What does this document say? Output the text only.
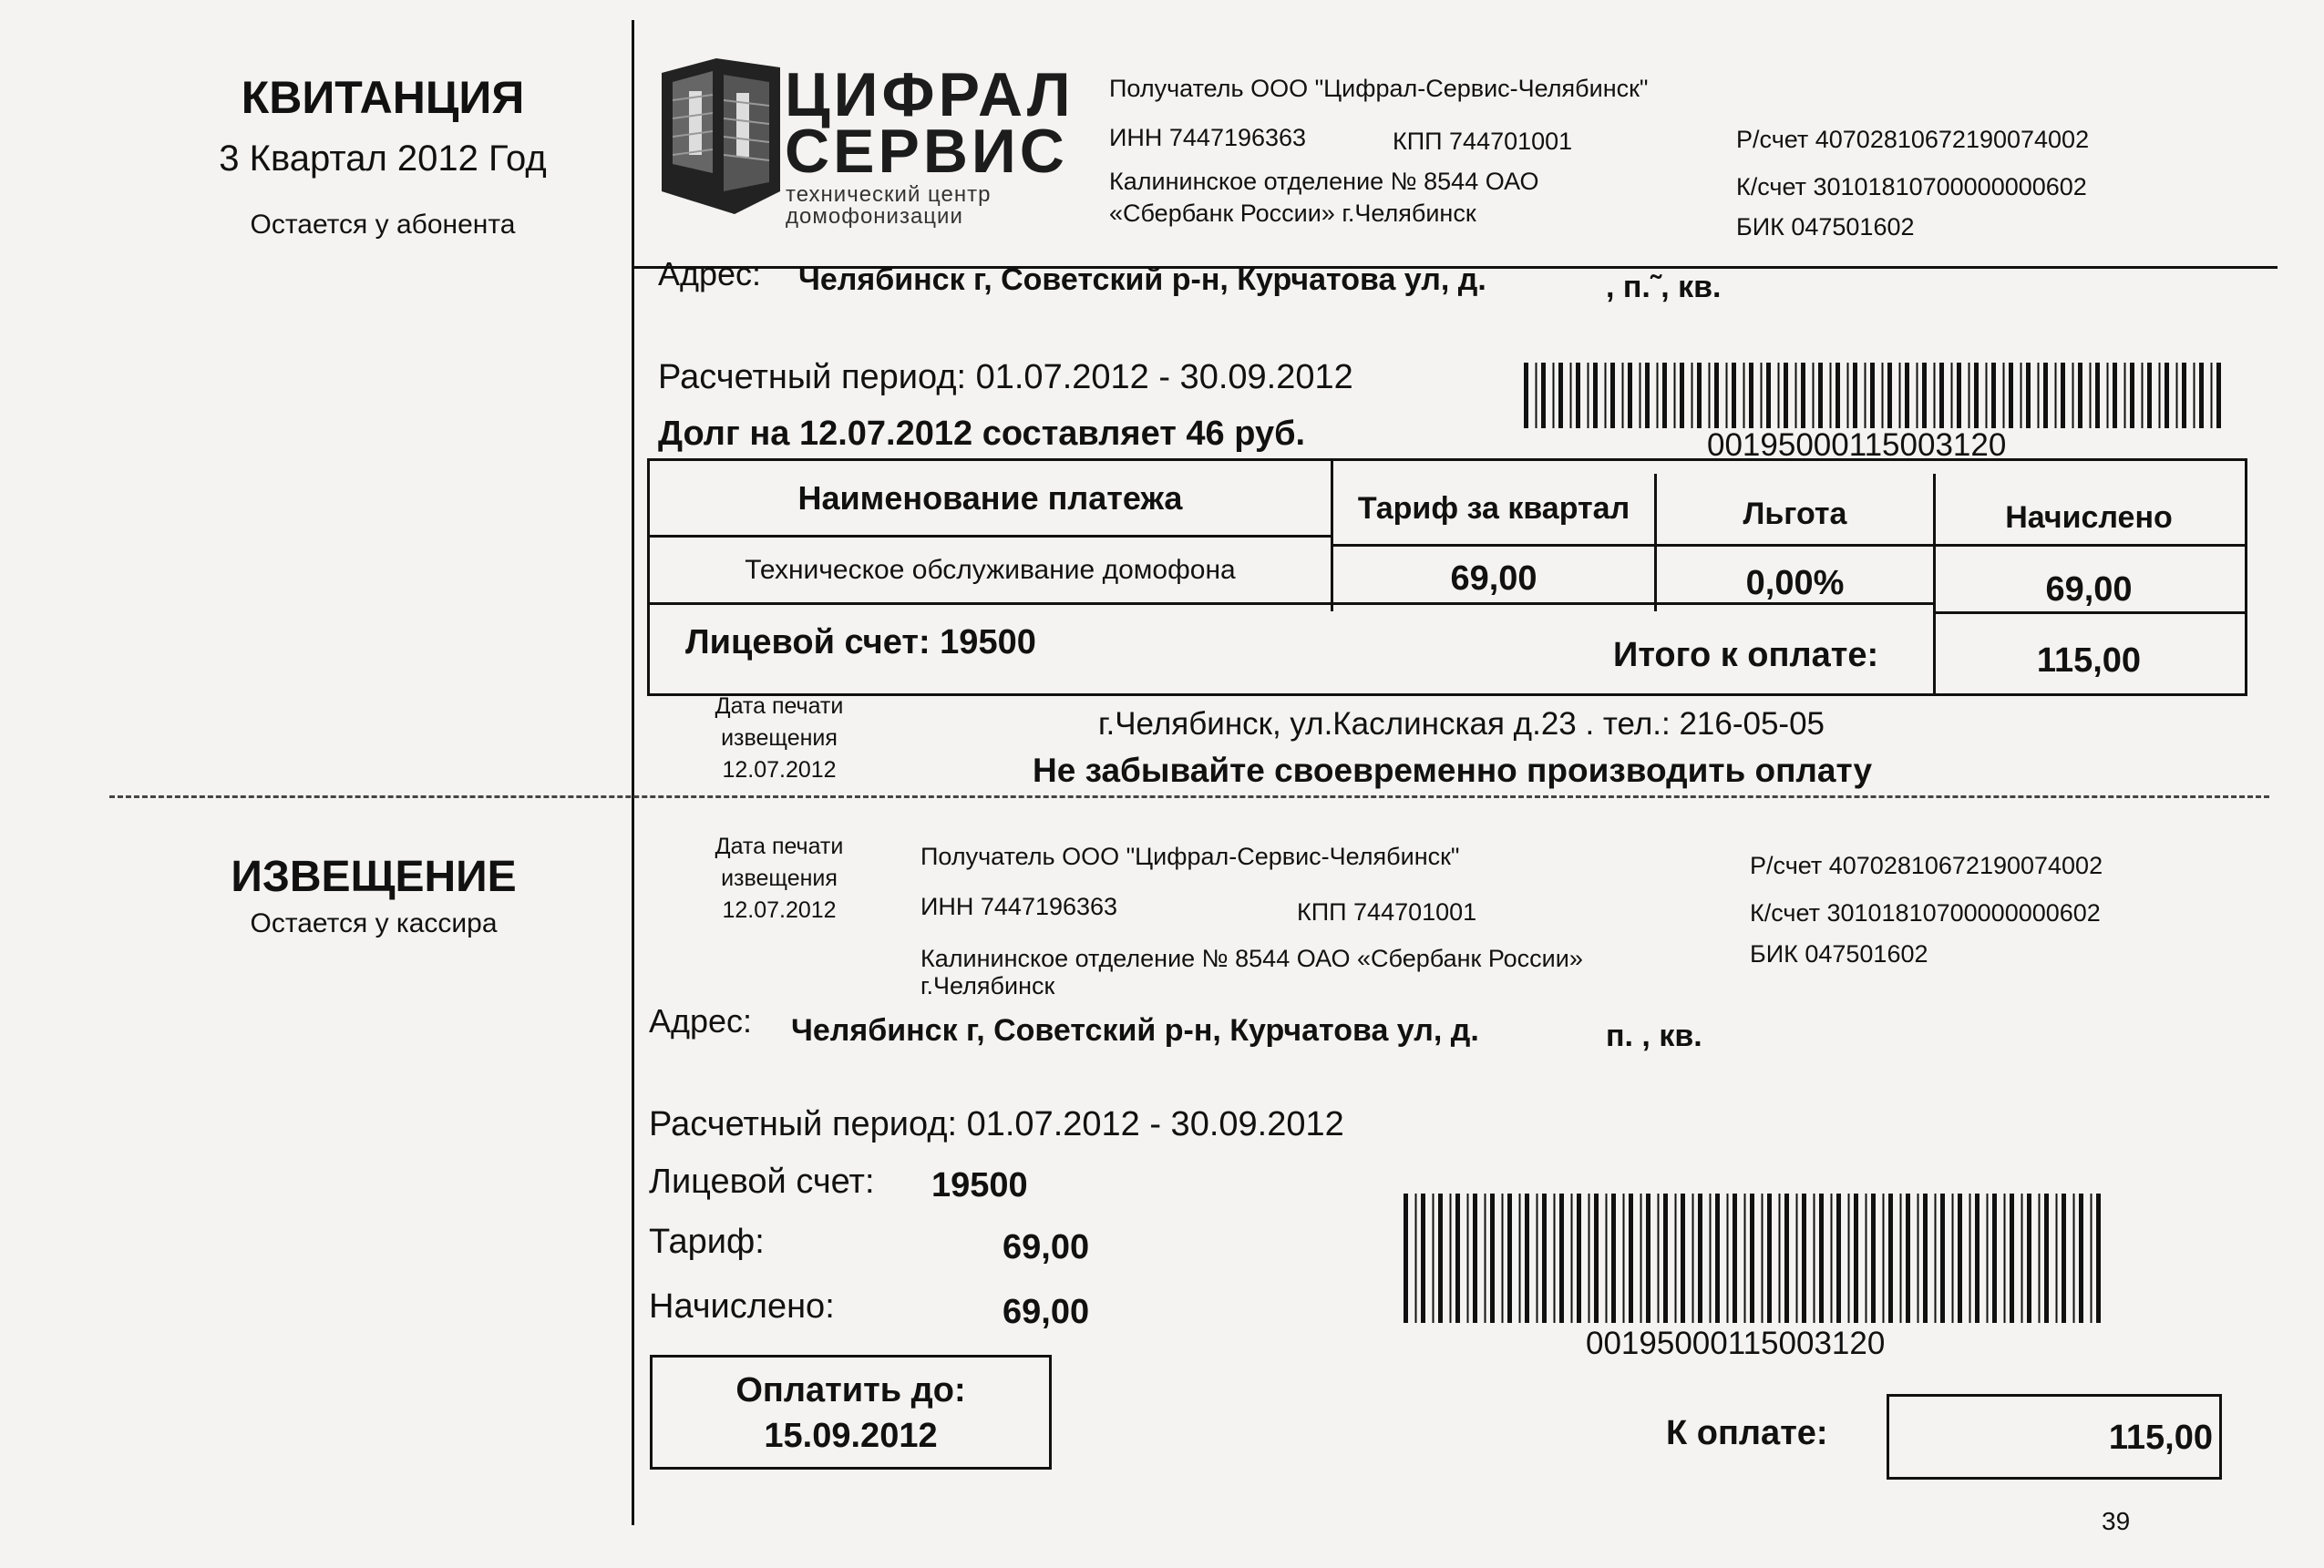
КВИТАНЦИЯ
3 Квартал 2012 Год
Остается у абонента
ИЗВЕЩЕНИЕ
Остается у кассира
ЦИФРАЛ
СЕРВИС
технический центр
домофонизации
Получатель ООО "Цифрал-Сервис-Челябинск"
ИНН 7447196363	КПП 744701001
Калининское отделение № 8544 ОАО
«Сбербанк России» г.Челябинск
Р/счет 40702810672190074002
К/счет 30101810700000000602
БИК 047501602
Адрес: Челябинск г, Советский р-н, Курчатова ул, д.	, п.˜, кв.
Расчетный период: 01.07.2012 - 30.09.2012
Долг на 12.07.2012 составляет 46 руб.	00195000115003120
Наименование платежа	Тариф за квартал	Льгота	Начислено
Техническое обслуживание домофона	69,00	0,00%	69,00
Лицевой счет: 19500	Итого к оплате:	115,00
Дата печати
извещения
12.07.2012
г.Челябинск, ул.Каслинская д.23 . тел.: 216-05-05
Не забывайте своевременно производить оплату
Дата печати
извещения
12.07.2012
Получатель ООО "Цифрал-Сервис-Челябинск"
ИНН 7447196363	КПП 744701001
Калининское отделение № 8544 ОАО «Сбербанк России»
г.Челябинск
Р/счет 40702810672190074002
К/счет 30101810700000000602
БИК 047501602
Адрес: Челябинск г, Советский р-н, Курчатова ул, д.	п. , кв.
Расчетный период: 01.07.2012 - 30.09.2012
Лицевой счет: 19500
Тариф:	69,00
Начислено:	69,00
00195000115003120
Оплатить до:
15.09.2012	К оплате:	115,00
39
